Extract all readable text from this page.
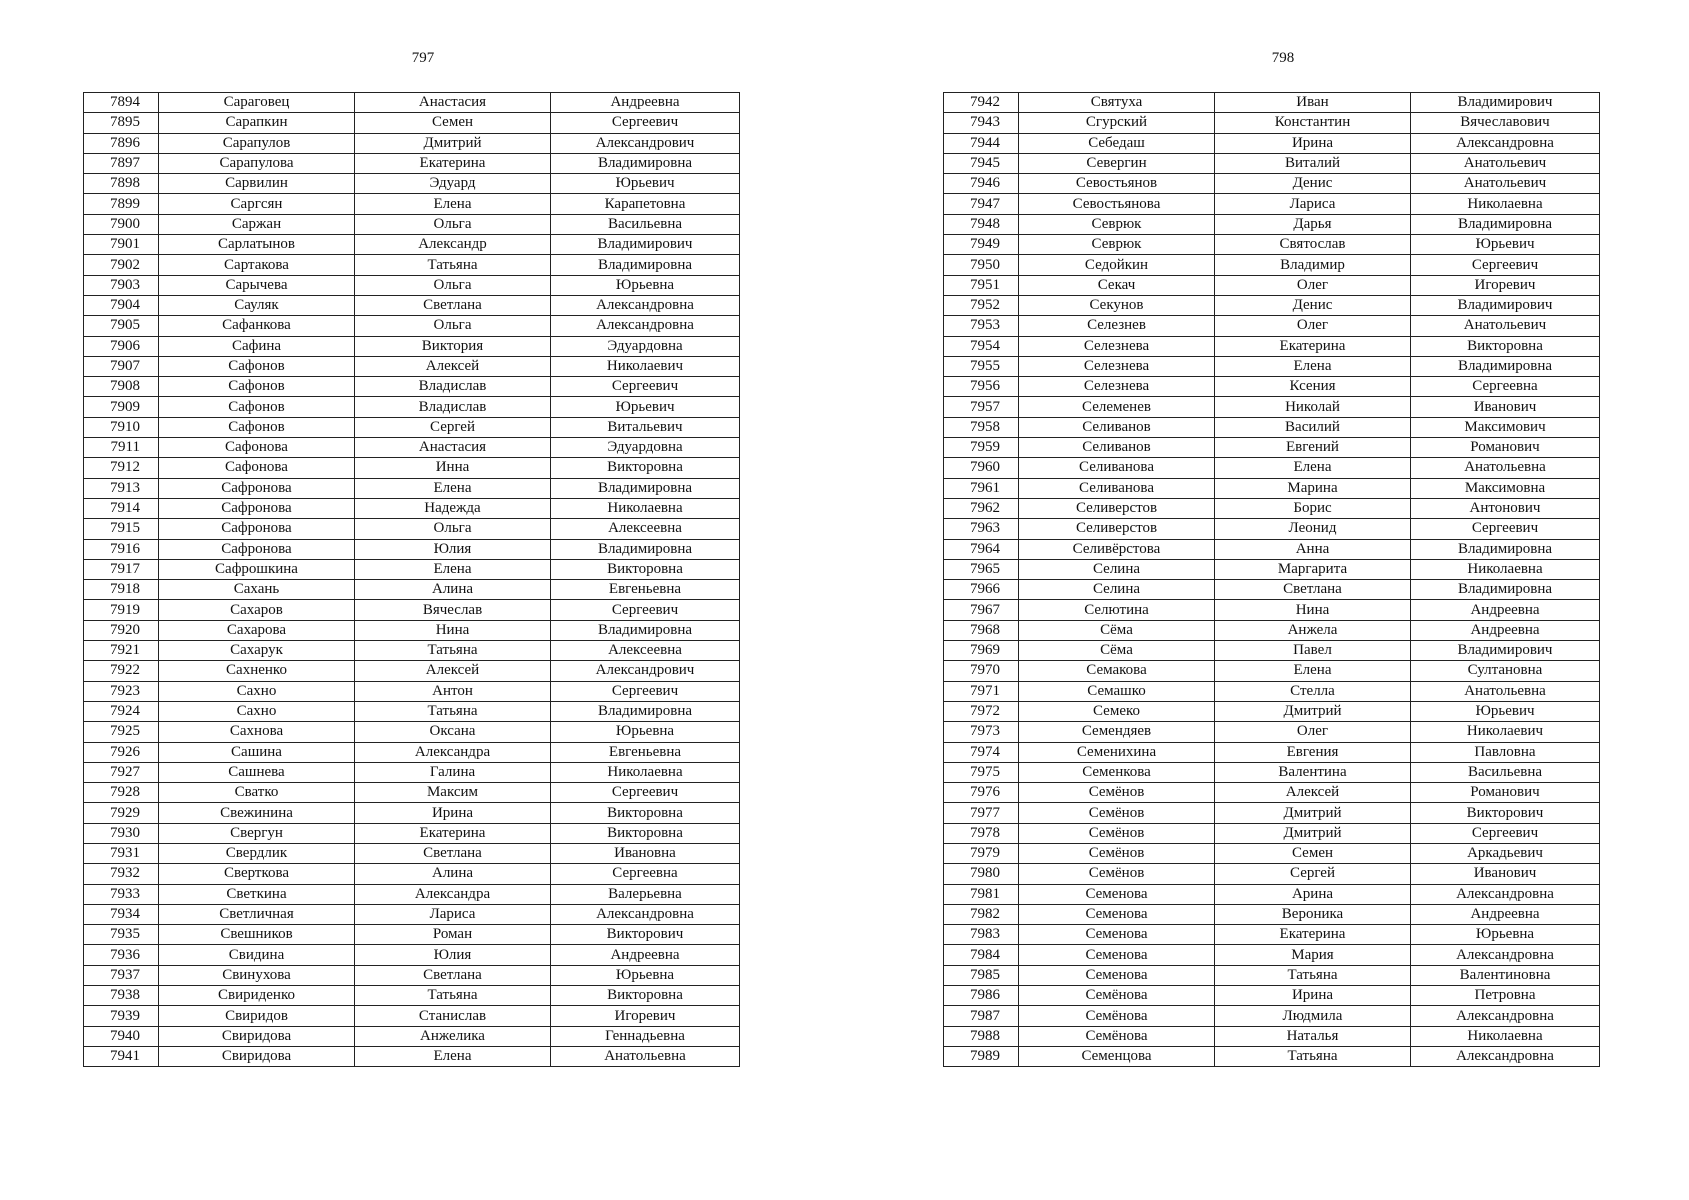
797	798
7894	Сараговец	Анастасия	Андреевна
7895	Сарапкин	Семен	Сергеевич
7896	Сарапулов	Дмитрий	Александрович
7897	Сарапулова	Екатерина	Владимировна
7898	Сарвилин	Эдуард	Юрьевич
7899	Саргсян	Елена	Карапетовна
7900	Саржан	Ольга	Васильевна
7901	Сарлатынов	Александр	Владимирович
7902	Сартакова	Татьяна	Владимировна
7903	Сарычева	Ольга	Юрьевна
7904	Сауляк	Светлана	Александровна
7905	Сафанкова	Ольга	Александровна
7906	Сафина	Виктория	Эдуардовна
7907	Сафонов	Алексей	Николаевич
7908	Сафонов	Владислав	Сергеевич
7909	Сафонов	Владислав	Юрьевич
7910	Сафонов	Сергей	Витальевич
7911	Сафонова	Анастасия	Эдуардовна
7912	Сафонова	Инна	Викторовна
7913	Сафронова	Елена	Владимировна
7914	Сафронова	Надежда	Николаевна
7915	Сафронова	Ольга	Алексеевна
7916	Сафронова	Юлия	Владимировна
7917	Сафрошкина	Елена	Викторовна
7918	Сахань	Алина	Евгеньевна
7919	Сахаров	Вячеслав	Сергеевич
7920	Сахарова	Нина	Владимировна
7921	Сахарук	Татьяна	Алексеевна
7922	Сахненко	Алексей	Александрович
7923	Сахно	Антон	Сергеевич
7924	Сахно	Татьяна	Владимировна
7925	Сахнова	Оксана	Юрьевна
7926	Сашина	Александра	Евгеньевна
7927	Сашнева	Галина	Николаевна
7928	Сватко	Максим	Сергеевич
7929	Свежинина	Ирина	Викторовна
7930	Свергун	Екатерина	Викторовна
7931	Свердлик	Светлана	Ивановна
7932	Сверткова	Алина	Сергеевна
7933	Светкина	Александра	Валерьевна
7934	Светличная	Лариса	Александровна
7935	Свешников	Роман	Викторович
7936	Свидина	Юлия	Андреевна
7937	Свинухова	Светлана	Юрьевна
7938	Свириденко	Татьяна	Викторовна
7939	Свиридов	Станислав	Игоревич
7940	Свиридова	Анжелика	Геннадьевна
7941	Свиридова	Елена	Анатольевна
7942	Святуха	Иван	Владимирович
7943	Сгурский	Константин	Вячеславович
7944	Себедаш	Ирина	Александровна
7945	Севергин	Виталий	Анатольевич
7946	Севостьянов	Денис	Анатольевич
7947	Севостьянова	Лариса	Николаевна
7948	Севрюк	Дарья	Владимировна
7949	Севрюк	Святослав	Юрьевич
7950	Седойкин	Владимир	Сергеевич
7951	Секач	Олег	Игоревич
7952	Секунов	Денис	Владимирович
7953	Селезнев	Олег	Анатольевич
7954	Селезнева	Екатерина	Викторовна
7955	Селезнева	Елена	Владимировна
7956	Селезнева	Ксения	Сергеевна
7957	Селеменев	Николай	Иванович
7958	Селиванов	Василий	Максимович
7959	Селиванов	Евгений	Романович
7960	Селиванова	Елена	Анатольевна
7961	Селиванова	Марина	Максимовна
7962	Селиверстов	Борис	Антонович
7963	Селиверстов	Леонид	Сергеевич
7964	Селивёрстова	Анна	Владимировна
7965	Селина	Маргарита	Николаевна
7966	Селина	Светлана	Владимировна
7967	Селютина	Нина	Андреевна
7968	Сёма	Анжела	Андреевна
7969	Сёма	Павел	Владимирович
7970	Семакова	Елена	Султановна
7971	Семашко	Стелла	Анатольевна
7972	Семеко	Дмитрий	Юрьевич
7973	Семендяев	Олег	Николаевич
7974	Семенихина	Евгения	Павловна
7975	Семенкова	Валентина	Васильевна
7976	Семёнов	Алексей	Романович
7977	Семёнов	Дмитрий	Викторович
7978	Семёнов	Дмитрий	Сергеевич
7979	Семёнов	Семен	Аркадьевич
7980	Семёнов	Сергей	Иванович
7981	Семенова	Арина	Александровна
7982	Семенова	Вероника	Андреевна
7983	Семенова	Екатерина	Юрьевна
7984	Семенова	Мария	Александровна
7985	Семенова	Татьяна	Валентиновна
7986	Семёнова	Ирина	Петровна
7987	Семёнова	Людмила	Александровна
7988	Семёнова	Наталья	Николаевна
7989	Семенцова	Татьяна	Александровна
